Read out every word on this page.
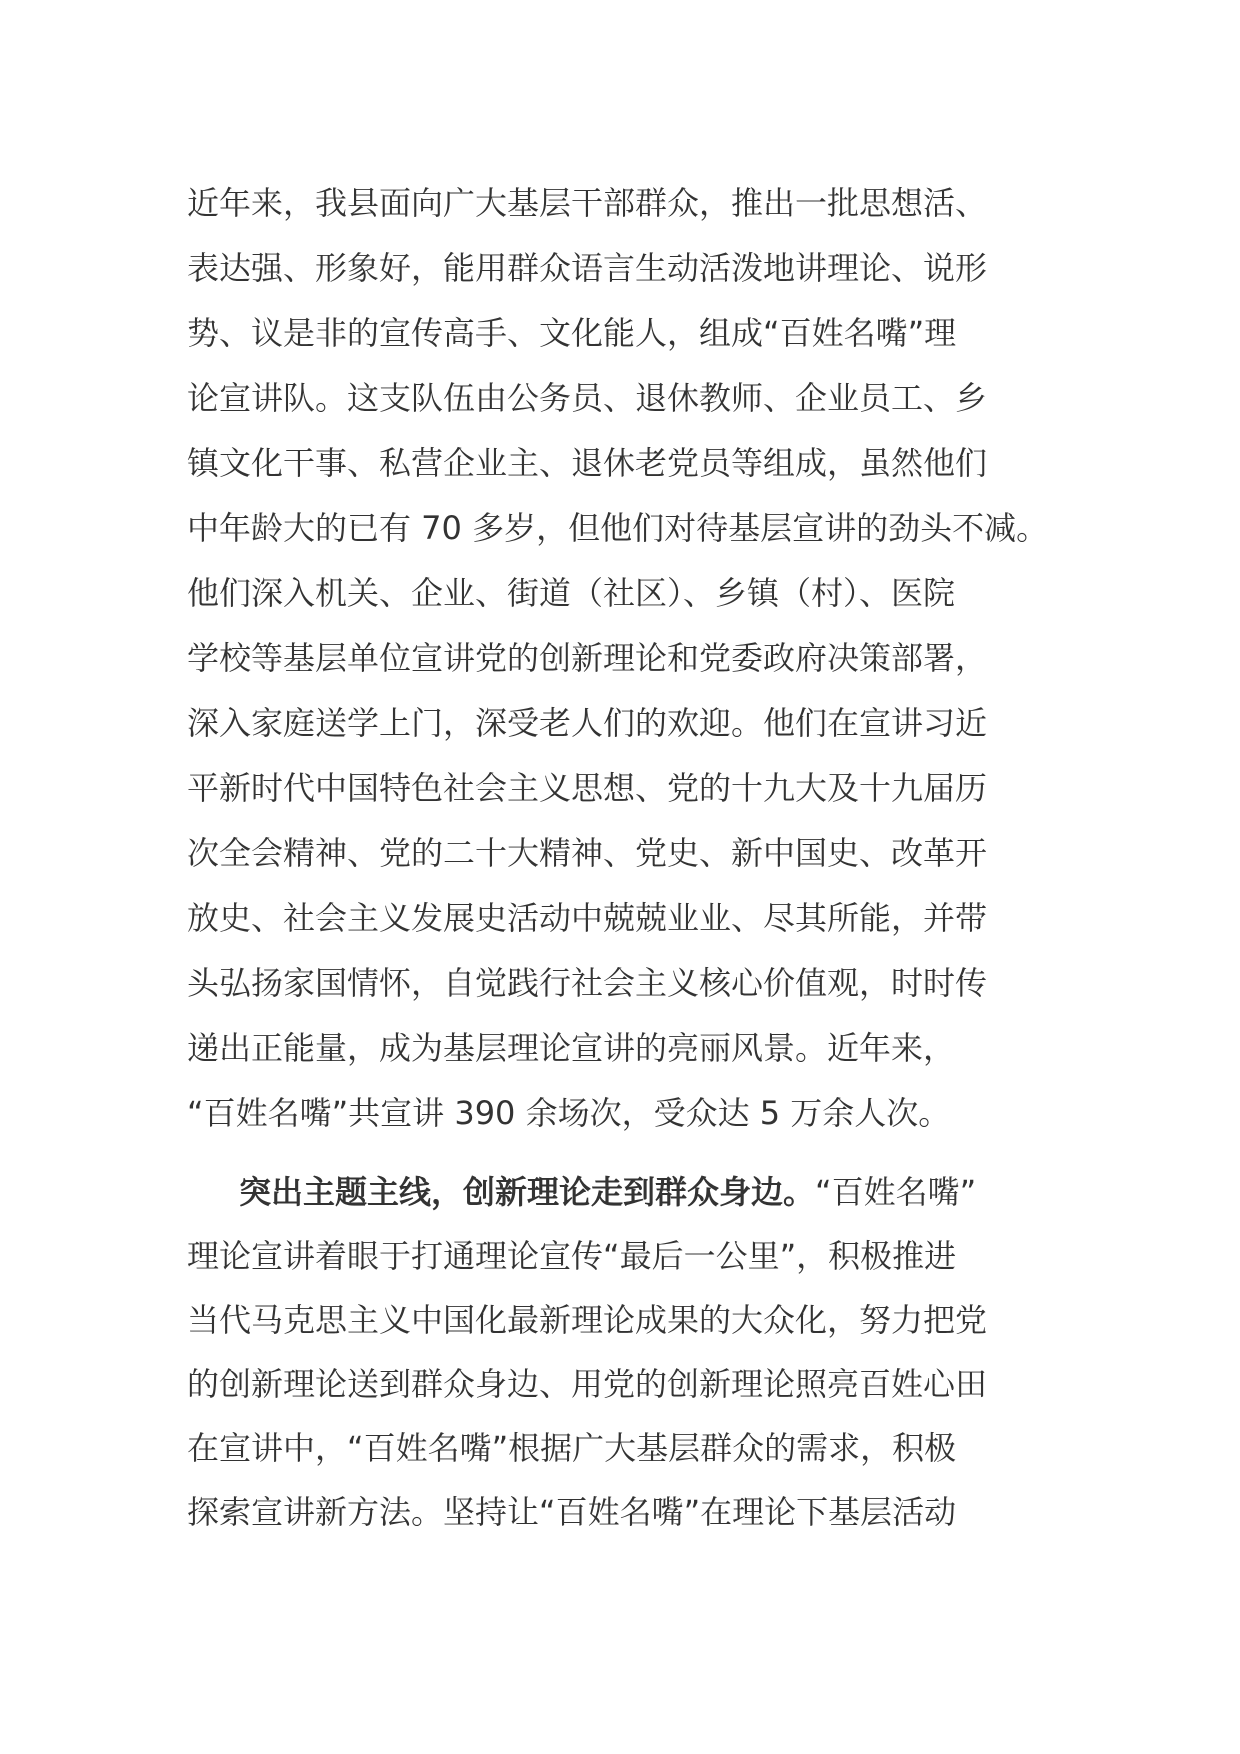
近年来，我县面向广大基层干部群众，推出一批思想活、
表达强、形象好，能用群众语言生动活泼地讲理论、说形
势、议是非的宣传高手、文化能人，组成“百姓名嘴”理
论宣讲队。这支队伍由公务员、退休教师、企业员工、乡
镇文化干事、私营企业主、退休老党员等组成，虽然他们
中年龄大的已有 70 多岁，但他们对待基层宣讲的劲头不减。
他们深入机关、企业、街道（社区）、乡镇（村）、医院
学校等基层单位宣讲党的创新理论和党委政府决策部署，
深入家庭送学上门，深受老人们的欢迎。他们在宣讲习近
平新时代中国特色社会主义思想、党的十九大及十九届历
次全会精神、党的二十大精神、党史、新中国史、改革开
放史、社会主义发展史活动中兢兢业业、尽其所能，并带
头弘扬家国情怀，自觉践行社会主义核心价值观，时时传
递出正能量，成为基层理论宣讲的亮丽风景。近年来，
“百姓名嘴”共宣讲 390 余场次，受众达 5 万余人次。
突出主题主线，创新理论走到群众身边。“百姓名嘴”
理论宣讲着眼于打通理论宣传“最后一公里”，积极推进
当代马克思主义中国化最新理论成果的大众化，努力把党
的创新理论送到群众身边、用党的创新理论照亮百姓心田
在宣讲中，“百姓名嘴”根据广大基层群众的需求，积极
探索宣讲新方法。坚持让“百姓名嘴”在理论下基层活动
